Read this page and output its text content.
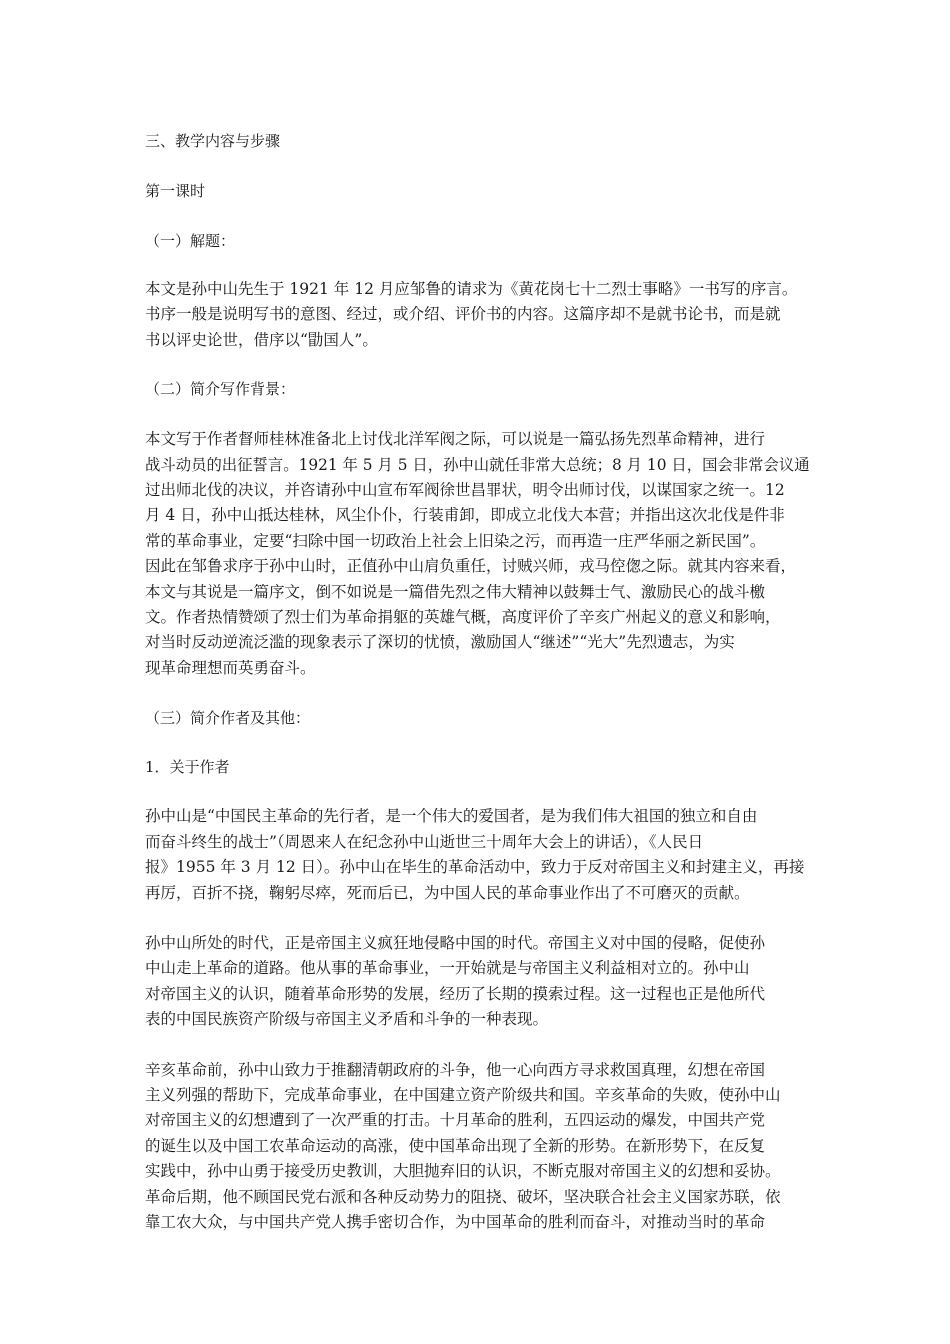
三、教学内容与步骤

第一课时

（一）解题：

本文是孙中山先生于 1921 年 12 月应邹鲁的请求为《黄花岗七十二烈士事略》一书写的序言。
书序一般是说明写书的意图、经过，或介绍、评价书的内容。这篇序却不是就书论书，而是就
书以评史论世，借序以“勖国人”。

（二）简介写作背景：

本文写于作者督师桂林准备北上讨伐北洋军阀之际，可以说是一篇弘扬先烈革命精神，进行
战斗动员的出征誓言。1921 年 5 月 5 日，孙中山就任非常大总统；8 月 10 日，国会非常会议通
过出师北伐的决议，并咨请孙中山宣布军阀徐世昌罪状，明令出师讨伐，以谋国家之统一。12
月 4 日，孙中山抵达桂林，风尘仆仆，行装甫卸，即成立北伐大本营；并指出这次北伐是件非
常的革命事业，定要“扫除中国一切政治上社会上旧染之污，而再造一庄严华丽之新民国”。
因此在邹鲁求序于孙中山时，正值孙中山肩负重任，讨贼兴师，戎马倥偬之际。就其内容来看，
本文与其说是一篇序文，倒不如说是一篇借先烈之伟大精神以鼓舞士气、激励民心的战斗檄
文。作者热情赞颂了烈士们为革命捐躯的英雄气概，高度评价了辛亥广州起义的意义和影响，
对当时反动逆流泛滥的现象表示了深切的忧愤，激励国人“继述”“光大”先烈遗志，为实
现革命理想而英勇奋斗。

（三）简介作者及其他：

1．关于作者

孙中山是“中国民主革命的先行者，是一个伟大的爱国者，是为我们伟大祖国的独立和自由
而奋斗终生的战士”（周恩来人在纪念孙中山逝世三十周年大会上的讲话），《人民日
报》1955 年 3 月 12 日）。孙中山在毕生的革命活动中，致力于反对帝国主义和封建主义，再接
再厉，百折不挠，鞠躬尽瘁，死而后已，为中国人民的革命事业作出了不可磨灭的贡献。
孙中山所处的时代，正是帝国主义疯狂地侵略中国的时代。帝国主义对中国的侵略，促使孙
中山走上革命的道路。他从事的革命事业，一开始就是与帝国主义利益相对立的。孙中山
对帝国主义的认识，随着革命形势的发展，经历了长期的摸索过程。这一过程也正是他所代
表的中国民族资产阶级与帝国主义矛盾和斗争的一种表现。
辛亥革命前，孙中山致力于推翻清朝政府的斗争，他一心向西方寻求救国真理，幻想在帝国
主义列强的帮助下，完成革命事业，在中国建立资产阶级共和国。辛亥革命的失败，使孙中山
对帝国主义的幻想遭到了一次严重的打击。十月革命的胜利，五四运动的爆发，中国共产党
的诞生以及中国工农革命运动的高涨，使中国革命出现了全新的形势。在新形势下，在反复
实践中，孙中山勇于接受历史教训，大胆抛弃旧的认识，不断克服对帝国主义的幻想和妥协。
革命后期，他不顾国民党右派和各种反动势力的阻挠、破坏，坚决联合社会主义国家苏联，依
靠工农大众，与中国共产党人携手密切合作，为中国革命的胜利而奋斗，对推动当时的革命
